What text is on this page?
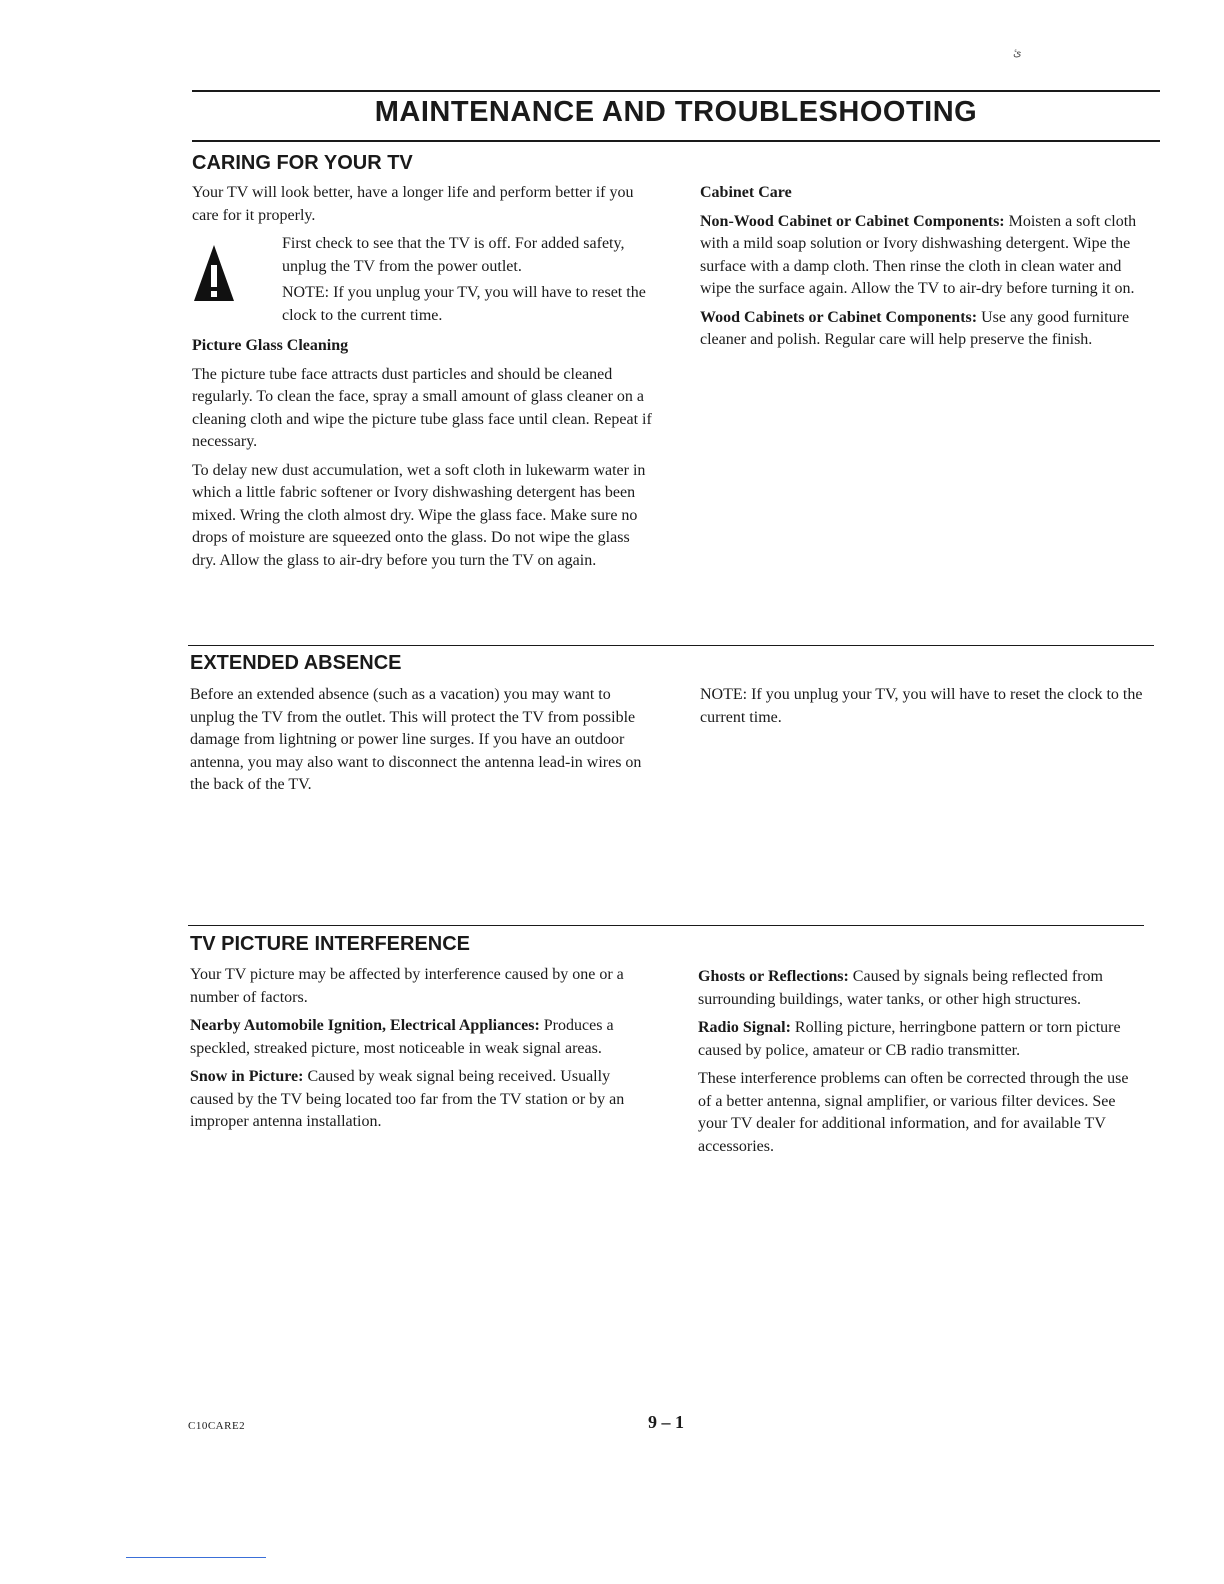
ئ
MAINTENANCE AND TROUBLESHOOTING
CARING FOR YOUR TV

Your TV will look better, have a longer life and perform better if you care for it properly.

First check to see that the TV is off. For added safety, unplug the TV from the power outlet.

NOTE: If you unplug your TV, you will have to reset the clock to the current time.

Picture Glass Cleaning

The picture tube face attracts dust particles and should be cleaned regularly. To clean the face, spray a small amount of glass cleaner on a cleaning cloth and wipe the picture tube glass face until clean. Repeat if necessary.

To delay new dust accumulation, wet a soft cloth in lukewarm water in which a little fabric softener or Ivory dishwashing detergent has been mixed. Wring the cloth almost dry. Wipe the glass face. Make sure no drops of moisture are squeezed onto the glass. Do not wipe the glass dry. Allow the glass to air-dry before you turn the TV on again.

Cabinet Care

Non-Wood Cabinet or Cabinet Components: Moisten a soft cloth with a mild soap solution or Ivory dishwashing detergent. Wipe the surface with a damp cloth. Then rinse the cloth in clean water and wipe the surface again. Allow the TV to air-dry before turning it on.

Wood Cabinets or Cabinet Components: Use any good furniture cleaner and polish. Regular care will help preserve the finish.

EXTENDED ABSENCE

Before an extended absence (such as a vacation) you may want to unplug the TV from the outlet. This will protect the TV from possible damage from lightning or power line surges. If you have an outdoor antenna, you may also want to disconnect the antenna lead-in wires on the back of the TV.

NOTE: If you unplug your TV, you will have to reset the clock to the current time.

TV PICTURE INTERFERENCE

Your TV picture may be affected by interference caused by one or a number of factors.

Nearby Automobile Ignition, Electrical Appliances: Produces a speckled, streaked picture, most noticeable in weak signal areas.

Snow in Picture: Caused by weak signal being received. Usually caused by the TV being located too far from the TV station or by an improper antenna installation.

Ghosts or Reflections: Caused by signals being reflected from surrounding buildings, water tanks, or other high structures.

Radio Signal: Rolling picture, herringbone pattern or torn picture caused by police, amateur or CB radio transmitter.

These interference problems can often be corrected through the use of a better antenna, signal amplifier, or various filter devices. See your TV dealer for additional information, and for available TV accessories.

C10CARE2	9 – 1
